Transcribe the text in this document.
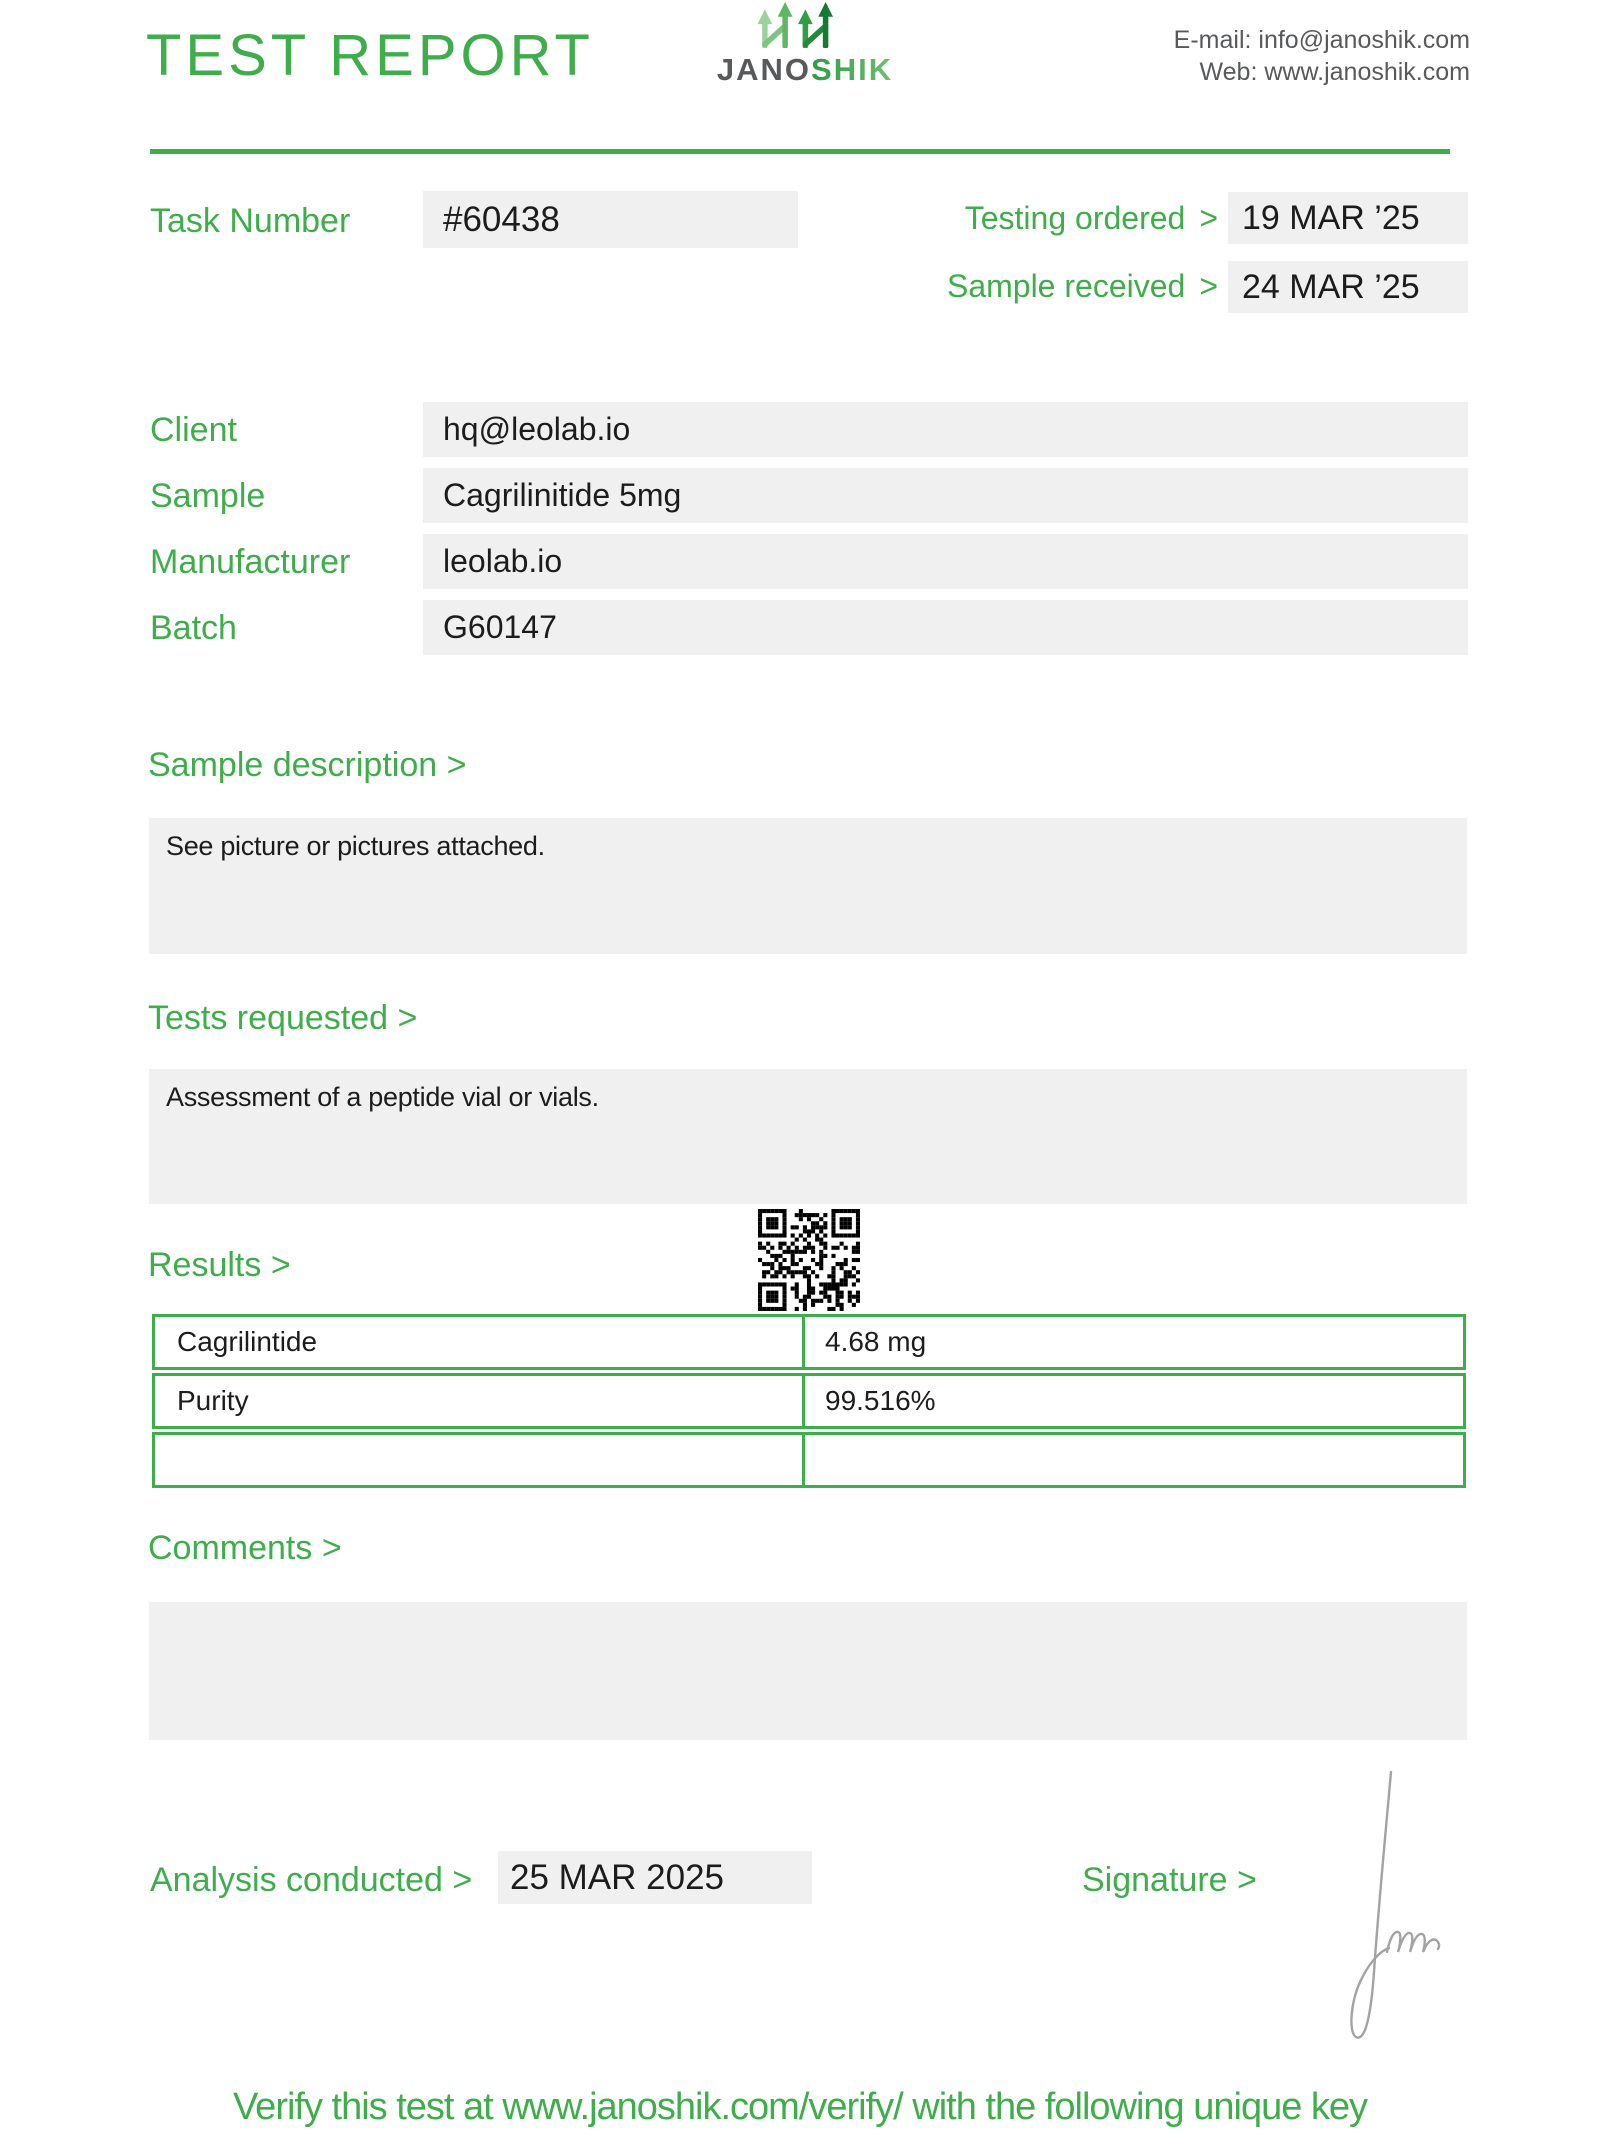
TEST REPORT	JANOSHIK
E-mail: info@janoshik.com
Web: www.janoshik.com
Task Number	#60438	Testing ordered > 19 MAR ’25
Sample received > 24 MAR ’25
Client	hq@leolab.io
Sample	Cagrilinitide 5mg
Manufacturer	leolab.io
Batch	G60147
Sample description >
See picture or pictures attached.
Tests requested >
Assessment of a peptide vial or vials.
Results >
Cagrilintide	4.68 mg
Purity	99.516%
Comments >
Analysis conducted >	25 MAR 2025	Signature >
Verify this test at www.janoshik.com/verify/ with the following unique key
